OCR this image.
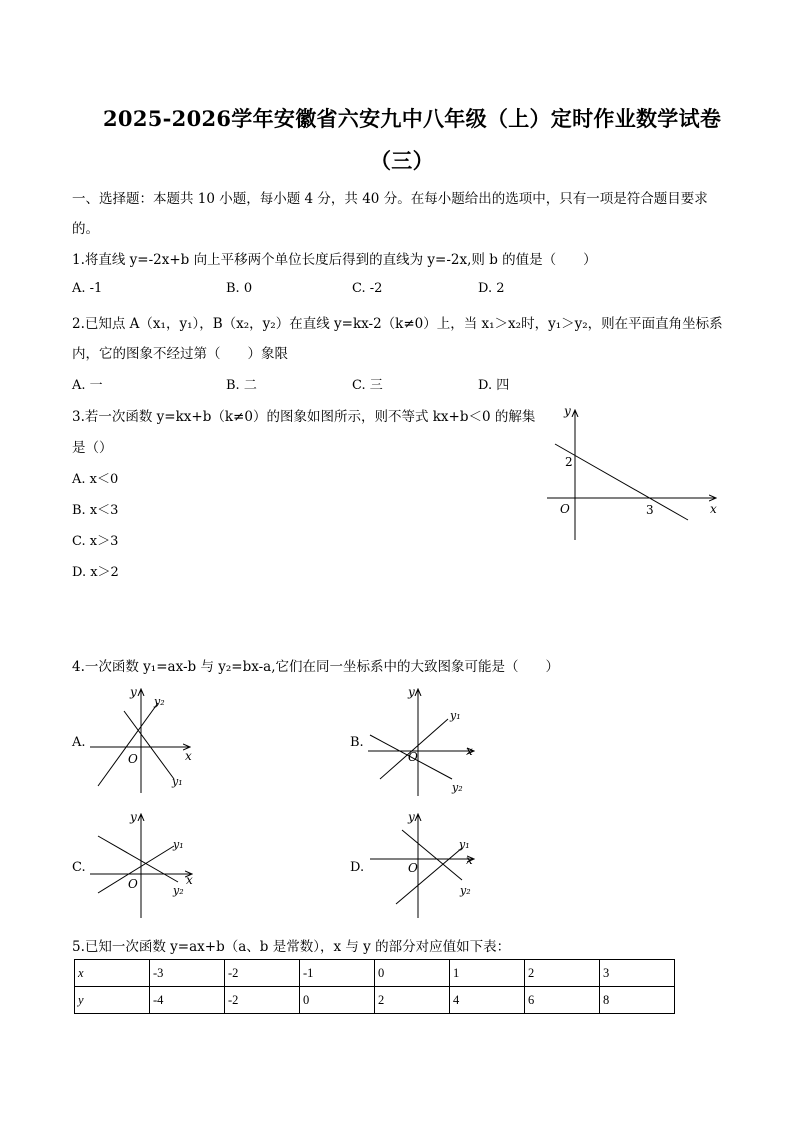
2025-2026学年安徽省六安九中八年级（上）定时作业数学试卷
（三）
一、选择题：本题共 10 小题，每小题 4 分，共 40 分。在每小题给出的选项中，只有一项是符合题目要求
的。
1.将直线 y=-2x+b 向上平移两个单位长度后得到的直线为 y=-2x,则 b 的值是（　　）
A. -1	B. 0	C. -2	D. 2
2.已知点 A（x₁，y₁），B（x₂，y₂）在直线 y=kx-2（k≠0）上，当 x₁＞x₂时，y₁＞y₂，则在平面直角坐标系
内，它的图象不经过第（　　）象限
A. 一	B. 二	C. 三	D. 四
3.若一次函数 y=kx+b（k≠0）的图象如图所示，则不等式 kx+b＜0 的解集
是（）
A. x＜0
B. x＜3
C. x＞3
D. x＞2
y
x
O
2
3
4.一次函数 y₁=ax-b 与 y₂=bx-a,它们在同一坐标系中的大致图象可能是（　　）
A.
y
x
O
y₂
y₁
B.
y
x
O
y₁
y₂
C.
y
x
O
y₁
y₂
D.
y
x
O
y₁
y₂
5.已知一次函数 y=ax+b（a、b 是常数），x 与 y 的部分对应值如下表：
x	-3	-2	-1	0	1	2	3
y	-4	-2	0	2	4	6	8
